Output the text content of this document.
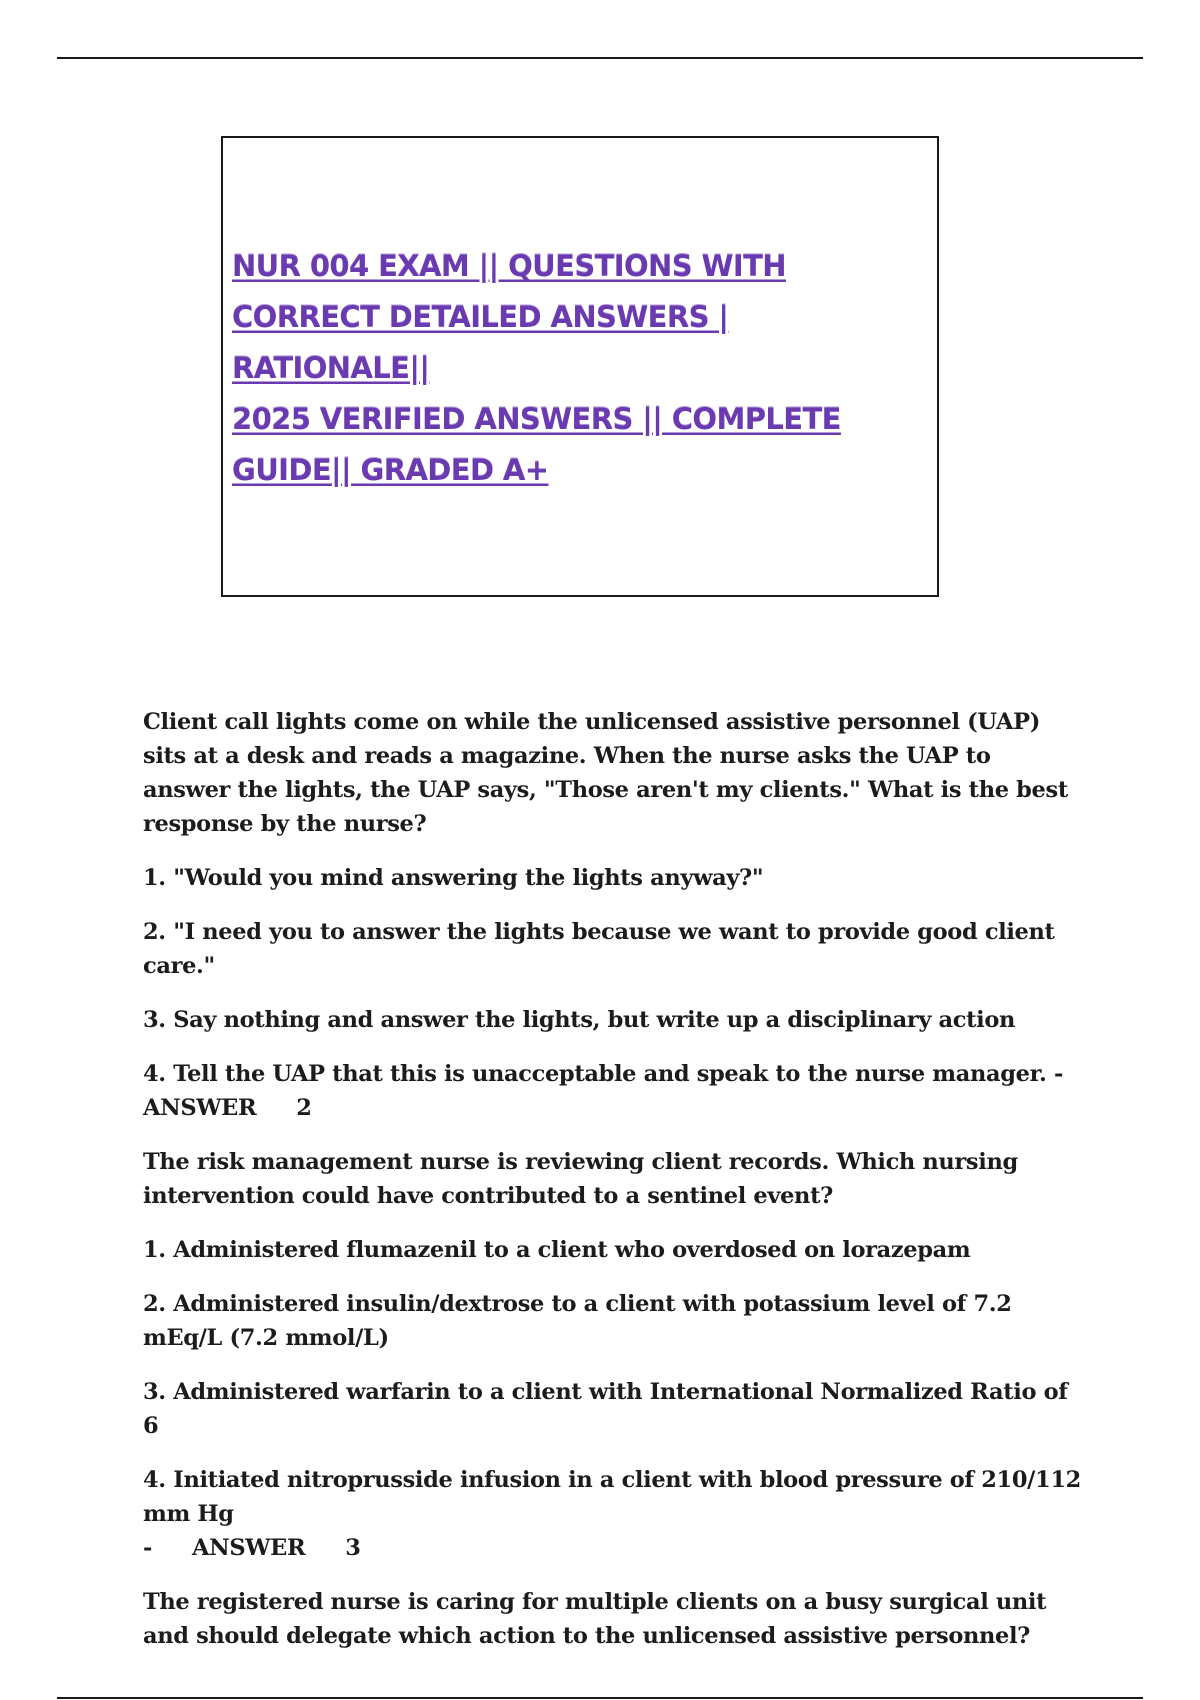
NUR 004 EXAM || QUESTIONS WITH
CORRECT DETAILED ANSWERS | RATIONALE||
2025 VERIFIED ANSWERS || COMPLETE
GUIDE|| GRADED A+

Client call lights come on while the unlicensed assistive personnel (UAP) sits at a desk and reads a magazine. When the nurse asks the UAP to answer the lights, the UAP says, "Those aren't my clients." What is the best response by the nurse?

1. "Would you mind answering the lights anyway?"

2. "I need you to answer the lights because we want to provide good client care."

3. Say nothing and answer the lights, but write up a disciplinary action

4. Tell the UAP that this is unacceptable and speak to the nurse manager. -
ANSWER 2

The risk management nurse is reviewing client records. Which nursing intervention could have contributed to a sentinel event?

1. Administered flumazenil to a client who overdosed on lorazepam

2. Administered insulin/dextrose to a client with potassium level of 7.2 mEq/L (7.2 mmol/L)

3. Administered warfarin to a client with International Normalized Ratio of 6

4. Initiated nitroprusside infusion in a client with blood pressure of 210/112 mm Hg
- ANSWER 3

The registered nurse is caring for multiple clients on a busy surgical unit and should delegate which action to the unlicensed assistive personnel?
